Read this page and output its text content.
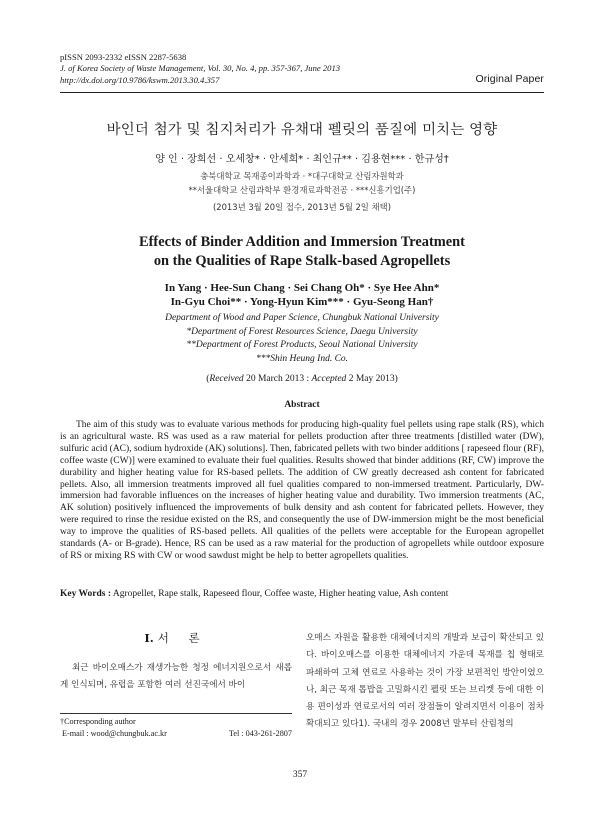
pISSN 2093-2332 eISSN 2287-5638
J. of Korea Society of Waste Management, Vol. 30, No. 4, pp. 357-367, June 2013
http://dx.doi.org/10.9786/kswm.2013.30.4.357	Original Paper
바인더 첨가 및 침지처리가 유채대 펠릿의 품질에 미치는 영향
양 인 · 장희선 · 오세창* · 안세희* · 최인규** · 김용현*** · 한규성†
충북대학교 목재종이과학과 · *대구대학교 산림자원학과
**서울대학교 산림과학부 환경재료과학전공 · ***신흥기업(주)
(2013년 3월 20일 접수, 2013년 5월 2일 채택)
Effects of Binder Addition and Immersion Treatment
on the Qualities of Rape Stalk-based Agropellets
In Yang · Hee-Sun Chang · Sei Chang Oh* · Sye Hee Ahn*
In-Gyu Choi** · Yong-Hyun Kim*** · Gyu-Seong Han†
Department of Wood and Paper Science, Chungbuk National University
*Department of Forest Resources Science, Daegu University
**Department of Forest Products, Seoul National University
***Shin Heung Ind. Co.
(Received 20 March 2013 : Accepted 2 May 2013)
Abstract
The aim of this study was to evaluate various methods for producing high-quality fuel pellets using rape stalk (RS), which is an agricultural waste. RS was used as a raw material for pellets production after three treatments [distilled water (DW), sulfuric acid (AC), sodium hydroxide (AK) solutions]. Then, fabricated pellets with two binder additions [ rapeseed flour (RF), coffee waste (CW)] were examined to evaluate their fuel qualities. Results showed that binder additions (RF, CW) improve the durability and higher heating value for RS-based pellets. The addition of CW greatly decreased ash content for fabricated pellets. Also, all immersion treatments improved all fuel qualities compared to non-immersed treatment. Particularly, DW-immersion had favorable influences on the increases of higher heating value and durability. Two immersion treatments (AC, AK solution) positively influenced the improvements of bulk density and ash content for fabricated pellets. However, they were required to rinse the residue existed on the RS, and consequently the use of DW-immersion might be the most beneficial way to improve the qualities of RS-based pellets. All qualities of the pellets were acceptable for the European agropellet standards (A- or B-grade). Hence, RS can be used as a raw material for the production of agropellets while outdoor exposure of RS or mixing RS with CW or wood sawdust might be help to better agropellets qualities.
Key Words : Agropellet, Rape stalk, Rapeseed flour, Coffee waste, Higher heating value, Ash content
I. 서 론
최근 바이오매스가 재생가능한 청정 에너지원으로서 새롭게 인식되며, 유럽을 포함한 여러 선진국에서 바이
†Corresponding author
E-mail : wood@chungbuk.ac.kr	Tel : 043-261-2807
오매스 자원을 활용한 대체에너지의 개발과 보급이 확산되고 있다. 바이오매스를 이용한 대체에너지 가운데 목재를 칩 형태로 파쇄하여 고체 연료로 사용하는 것이 가장 보편적인 방안이었으나, 최근 목재 톱밥을 고밀화시킨 펠릿 또는 브리켓 등에 대한 이용 편이성과 연료로서의 여러 장점들이 알려지면서 이용이 점차 확대되고 있다1). 국내의 경우 2008년 말부터 산림청의
357
